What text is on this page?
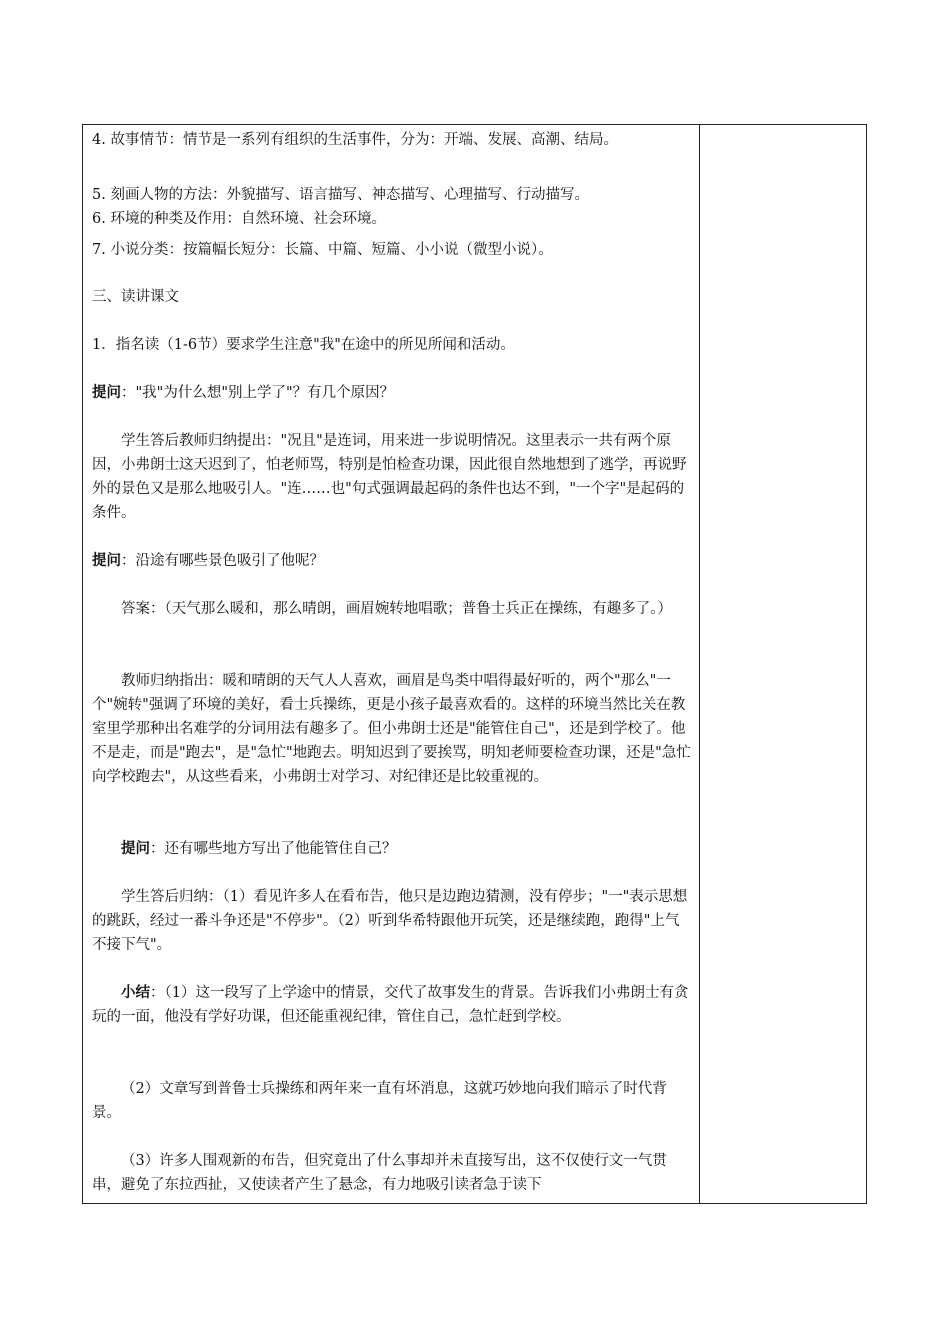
4. 故事情节：情节是一系列有组织的生活事件，分为：开端、发展、高潮、结局。
5. 刻画人物的方法：外貌描写、语言描写、神态描写、心理描写、行动描写。
6. 环境的种类及作用：自然环境、社会环境。
7. 小说分类：按篇幅长短分：长篇、中篇、短篇、小小说（微型小说）。
三、读讲课文
1．指名读（1-6节）要求学生注意"我"在途中的所见所闻和活动。
提问："我"为什么想"别上学了"？有几个原因？
学生答后教师归纳提出："况且"是连词，用来进一步说明情况。这里表示一共有两个原因，小弗朗士这天迟到了，怕老师骂，特别是怕检查功课，因此很自然地想到了逃学，再说野外的景色又是那么地吸引人。"连……也"句式强调最起码的条件也达不到，"一个字"是起码的条件。
提问：沿途有哪些景色吸引了他呢？
答案：（天气那么暖和，那么晴朗，画眉婉转地唱歌；普鲁士兵正在操练，有趣多了。）
教师归纳指出：暖和晴朗的天气人人喜欢，画眉是鸟类中唱得最好听的，两个"那么"一个"婉转"强调了环境的美好，看士兵操练，更是小孩子最喜欢看的。这样的环境当然比关在教室里学那种出名难学的分词用法有趣多了。但小弗朗士还是"能管住自己"，还是到学校了。他不是走，而是"跑去"，是"急忙"地跑去。明知迟到了要挨骂，明知老师要检查功课，还是"急忙向学校跑去"，从这些看来，小弗朗士对学习、对纪律还是比较重视的。
提问：还有哪些地方写出了他能管住自己？
学生答后归纳：（1）看见许多人在看布告，他只是边跑边猜测，没有停步；"一"表示思想的跳跃，经过一番斗争还是"不停步"。（2）听到华希特跟他开玩笑，还是继续跑，跑得"上气不接下气"。
小结：（1）这一段写了上学途中的情景，交代了故事发生的背景。告诉我们小弗朗士有贪玩的一面，他没有学好功课，但还能重视纪律，管住自己，急忙赶到学校。
（2）文章写到普鲁士兵操练和两年来一直有坏消息，这就巧妙地向我们暗示了时代背景。
（3）许多人围观新的布告，但究竟出了什么事却并未直接写出，这不仅使行文一气贯串，避免了东拉西扯，又使读者产生了悬念，有力地吸引读者急于读下
